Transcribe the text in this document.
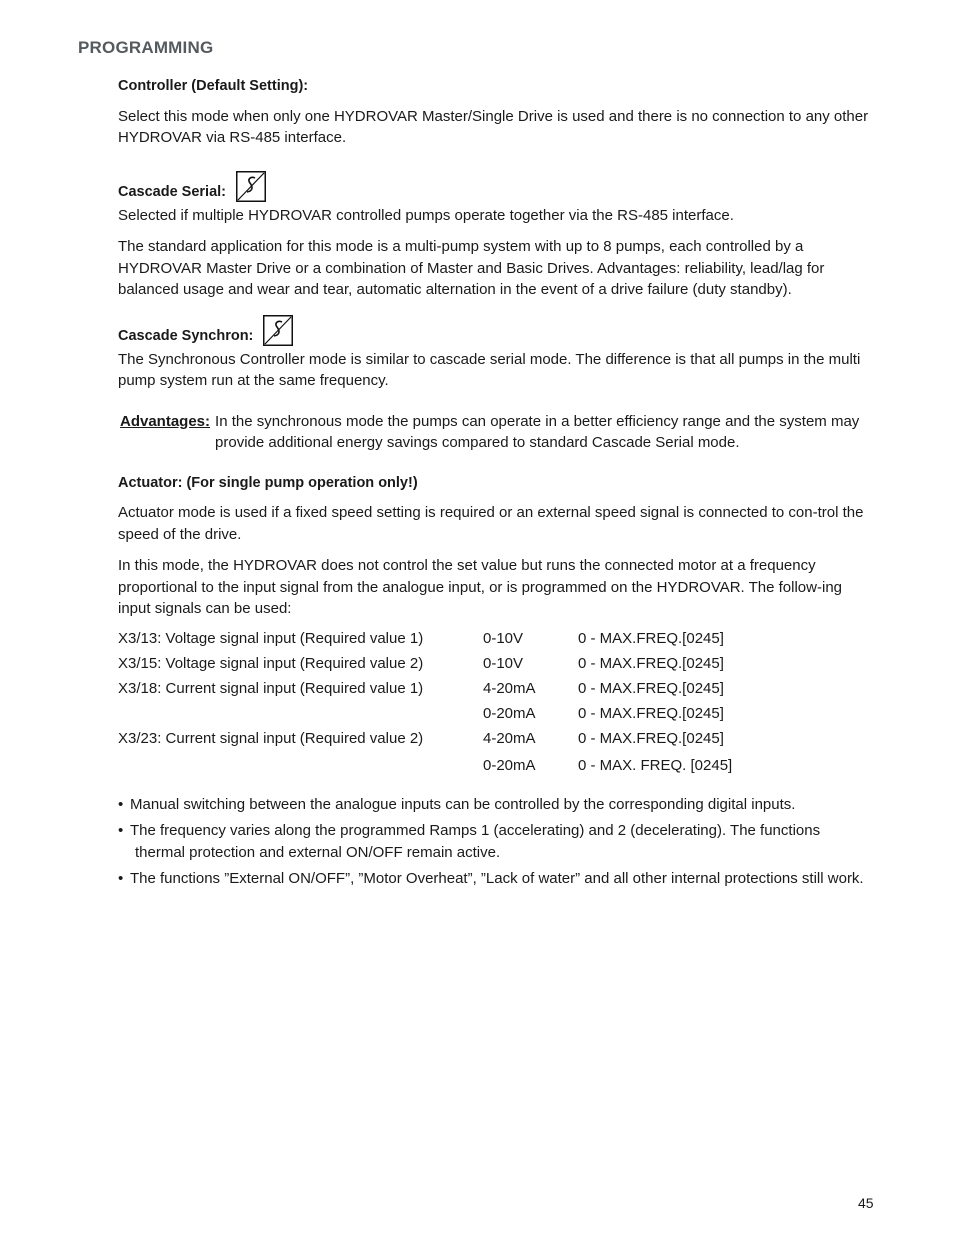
PROGRAMMING

Controller (Default Setting):

Select this mode when only one HYDROVAR Master/Single Drive is used and there is no connection to any other HYDROVAR via RS-485 interface.

Cascade Serial:

Selected if multiple HYDROVAR controlled pumps operate together via the RS-485 interface.

The standard application for this mode is a multi-pump system with up to 8 pumps, each controlled by a HYDROVAR Master Drive or a combination of Master and Basic Drives. Advantages: reliability, lead/lag for balanced usage and wear and tear, automatic alternation in the event of a drive failure (duty standby).

Cascade Synchron:

The Synchronous Controller mode is similar to cascade serial mode. The difference is that all pumps in the multi pump system run at the same frequency.

Advantages: In the synchronous mode the pumps can operate in a better efficiency range and the system may provide additional energy savings compared to standard Cascade Serial mode.

Actuator: (For single pump operation only!)

Actuator mode is used if a fixed speed setting is required or an external speed signal is connected to con-trol the speed of the drive.

In this mode, the HYDROVAR does not control the set value but runs the connected motor at a frequency proportional to the input signal from the analogue input, or is programmed on the HYDROVAR. The follow-ing input signals can be used:

X3/13: Voltage signal input (Required value 1)	0-10V	0 - MAX.FREQ.[0245]
X3/15: Voltage signal input (Required value 2)	0-10V	0 - MAX.FREQ.[0245]
X3/18: Current signal input (Required value 1)	4-20mA	0 - MAX.FREQ.[0245]
	0-20mA	0 - MAX.FREQ.[0245]
X3/23: Current signal input (Required value 2)	4-20mA	0 - MAX.FREQ.[0245]
	0-20mA	0 - MAX. FREQ. [0245]
• Manual switching between the analogue inputs can be controlled by the corresponding digital inputs.
• The frequency varies along the programmed Ramps 1 (accelerating) and 2 (decelerating). The functions thermal protection and external ON/OFF remain active.
• The functions ”External ON/OFF”, ”Motor Overheat”, ”Lack of water” and all other internal protections still work.
45
